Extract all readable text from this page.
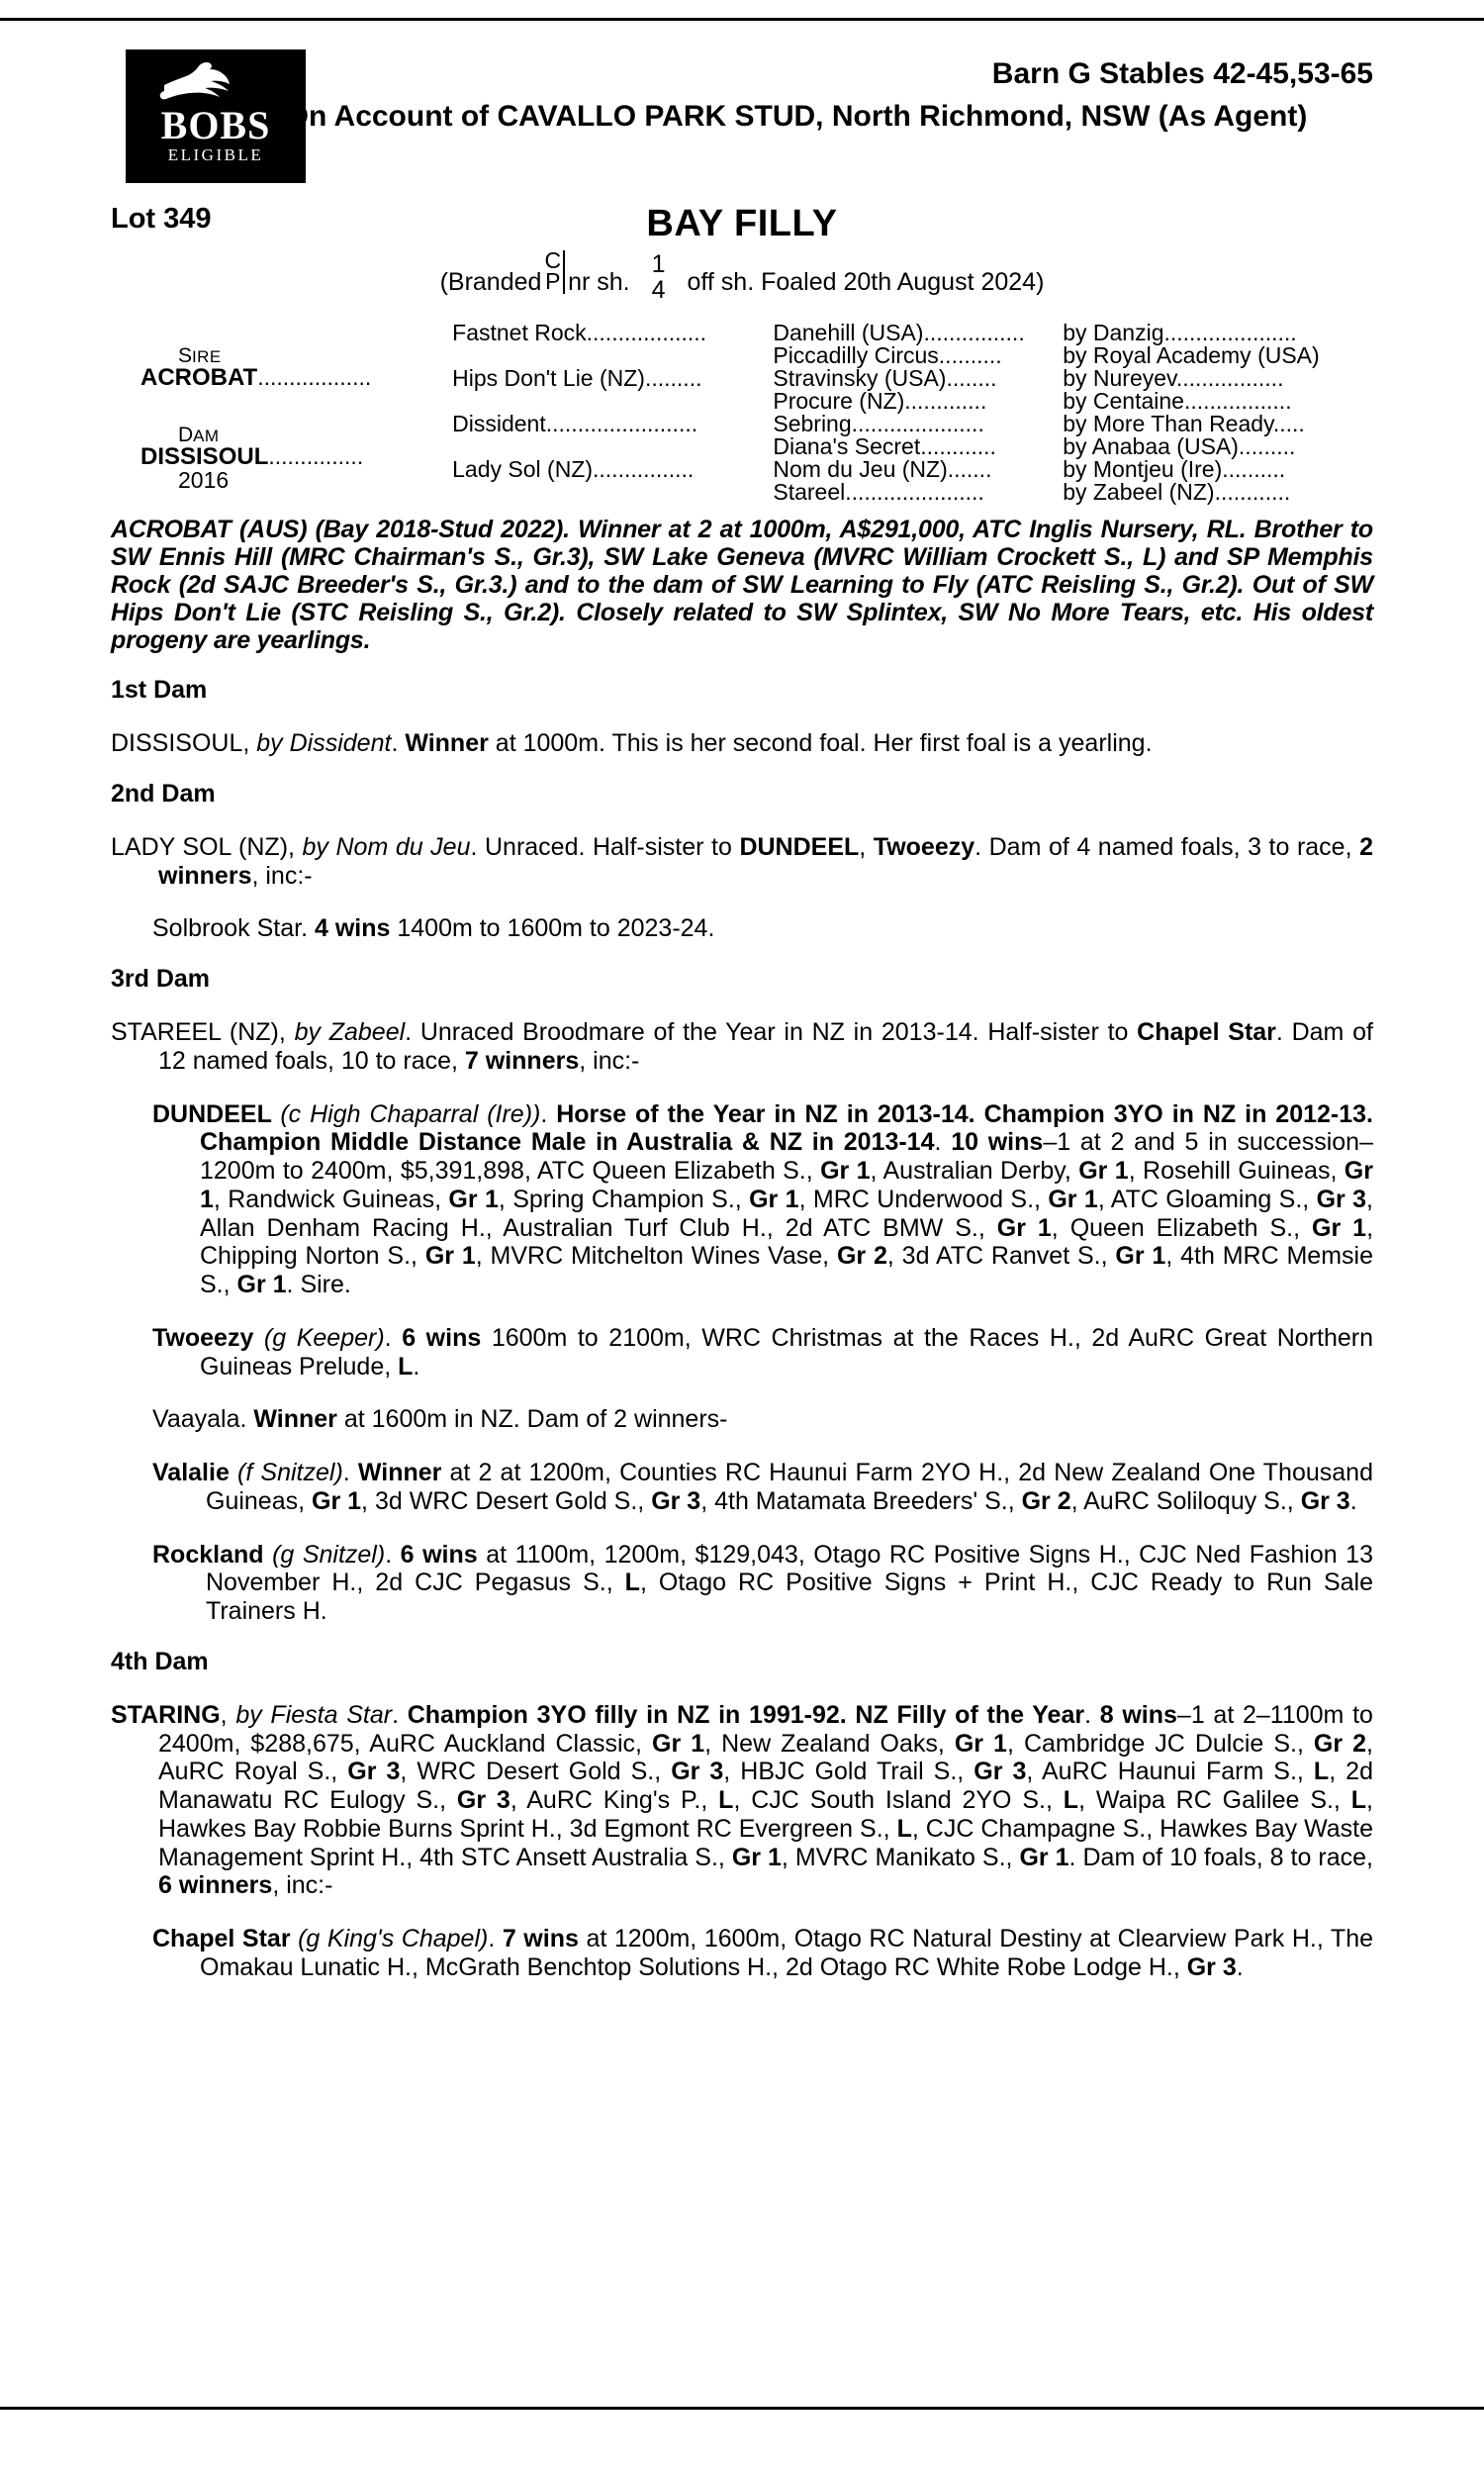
BOBS
ELIGIBLE
Barn G Stables 42-45,53-65
On Account of CAVALLO PARK STUD, North Richmond, NSW (As Agent)
Lot 349	BAY FILLY
(Branded
C
P nr sh.
1
4 off sh. Foaled 20th August 2024)
SIRE
ACROBAT..................	Fastnet Rock...................	Danehill (USA)................	by Danzig.....................
		Piccadilly Circus..........	by Royal Academy (USA)
	Hips Don't Lie (NZ).........	Stravinsky (USA)........	by Nureyev.................
		Procure (NZ).............	by Centaine.................

DAM
DISSISOUL...............
2016	Dissident........................	Sebring.....................	by More Than Ready.....
		Diana's Secret............	by Anabaa (USA).........
	Lady Sol (NZ)................	Nom du Jeu (NZ).......	by Montjeu (Ire)..........
		Stareel......................	by Zabeel (NZ)............
ACROBAT (AUS) (Bay 2018-Stud 2022). Winner at 2 at 1000m, A$291,000, ATC Inglis Nursery, RL. Brother to SW Ennis Hill (MRC Chairman's S., Gr.3), SW Lake Geneva (MVRC William Crockett S., L) and SP Memphis Rock (2d SAJC Breeder's S., Gr.3.) and to the dam of SW Learning to Fly (ATC Reisling S., Gr.2). Out of SW Hips Don't Lie (STC Reisling S., Gr.2). Closely related to SW Splintex, SW No More Tears, etc. His oldest progeny are yearlings.
1st Dam

DISSISOUL, by Dissident. Winner at 1000m. This is her second foal. Her first foal is a yearling.

2nd Dam

LADY SOL (NZ), by Nom du Jeu. Unraced. Half-sister to DUNDEEL, Twoeezy. Dam of 4 named foals, 3 to race, 2 winners, inc:-

Solbrook Star. 4 wins 1400m to 1600m to 2023-24.

3rd Dam

STAREEL (NZ), by Zabeel. Unraced Broodmare of the Year in NZ in 2013-14. Half-sister to Chapel Star. Dam of 12 named foals, 10 to race, 7 winners, inc:-

DUNDEEL (c High Chaparral (Ire)). Horse of the Year in NZ in 2013-14. Champion 3YO in NZ in 2012-13. Champion Middle Distance Male in Australia & NZ in 2013-14. 10 wins–1 at 2 and 5 in succession–1200m to 2400m, $5,391,898, ATC Queen Elizabeth S., Gr 1, Australian Derby, Gr 1, Rosehill Guineas, Gr 1, Randwick Guineas, Gr 1, Spring Champion S., Gr 1, MRC Underwood S., Gr 1, ATC Gloaming S., Gr 3, Allan Denham Racing H., Australian Turf Club H., 2d ATC BMW S., Gr 1, Queen Elizabeth S., Gr 1, Chipping Norton S., Gr 1, MVRC Mitchelton Wines Vase, Gr 2, 3d ATC Ranvet S., Gr 1, 4th MRC Memsie S., Gr 1. Sire.

Twoeezy (g Keeper). 6 wins 1600m to 2100m, WRC Christmas at the Races H., 2d AuRC Great Northern Guineas Prelude, L.

Vaayala. Winner at 1600m in NZ. Dam of 2 winners-

Valalie (f Snitzel). Winner at 2 at 1200m, Counties RC Haunui Farm 2YO H., 2d New Zealand One Thousand Guineas, Gr 1, 3d WRC Desert Gold S., Gr 3, 4th Matamata Breeders' S., Gr 2, AuRC Soliloquy S., Gr 3.

Rockland (g Snitzel). 6 wins at 1100m, 1200m, $129,043, Otago RC Positive Signs H., CJC Ned Fashion 13 November H., 2d CJC Pegasus S., L, Otago RC Positive Signs + Print H., CJC Ready to Run Sale Trainers H.

4th Dam

STARING, by Fiesta Star. Champion 3YO filly in NZ in 1991-92. NZ Filly of the Year. 8 wins–1 at 2–1100m to 2400m, $288,675, AuRC Auckland Classic, Gr 1, New Zealand Oaks, Gr 1, Cambridge JC Dulcie S., Gr 2, AuRC Royal S., Gr 3, WRC Desert Gold S., Gr 3, HBJC Gold Trail S., Gr 3, AuRC Haunui Farm S., L, 2d Manawatu RC Eulogy S., Gr 3, AuRC King's P., L, CJC South Island 2YO S., L, Waipa RC Galilee S., L, Hawkes Bay Robbie Burns Sprint H., 3d Egmont RC Evergreen S., L, CJC Champagne S., Hawkes Bay Waste Management Sprint H., 4th STC Ansett Australia S., Gr 1, MVRC Manikato S., Gr 1. Dam of 10 foals, 8 to race, 6 winners, inc:-

Chapel Star (g King's Chapel). 7 wins at 1200m, 1600m, Otago RC Natural Destiny at Clearview Park H., The Omakau Lunatic H., McGrath Benchtop Solutions H., 2d Otago RC White Robe Lodge H., Gr 3.
